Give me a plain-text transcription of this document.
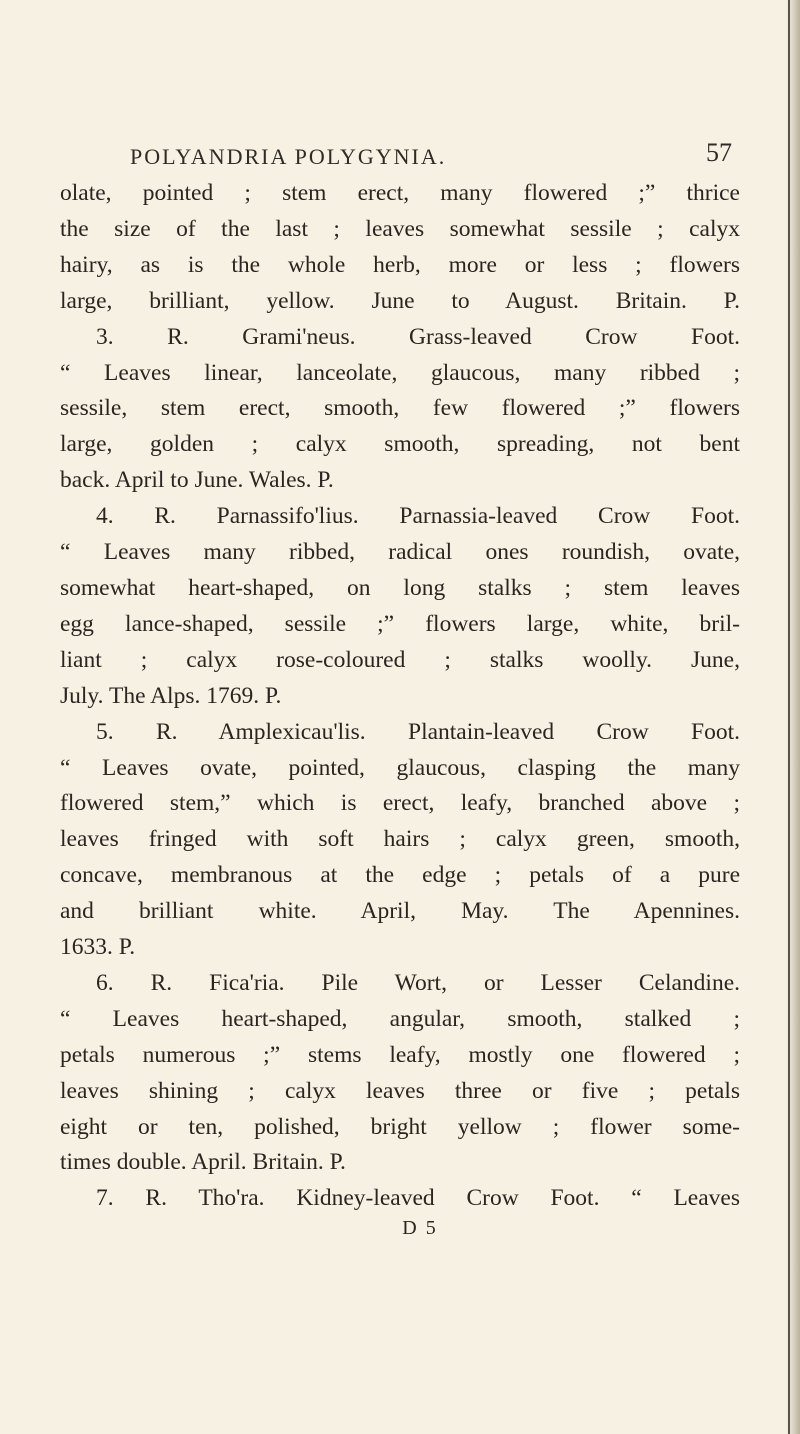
POLYANDRIA POLYGYNIA.	57
olate, pointed ; stem erect, many flowered ;” thrice
the size of the last ; leaves somewhat sessile ; calyx
hairy, as is the whole herb, more or less ; flowers
large, brilliant, yellow. June to August. Britain. P.
3. R. Grami'neus. Grass-leaved Crow Foot.
“ Leaves linear, lanceolate, glaucous, many ribbed ;
sessile, stem erect, smooth, few flowered ;” flowers
large, golden ; calyx smooth, spreading, not bent
back. April to June. Wales. P.
4. R. Parnassifo'lius. Parnassia-leaved Crow Foot.
“ Leaves many ribbed, radical ones roundish, ovate,
somewhat heart-shaped, on long stalks ; stem leaves
egg lance-shaped, sessile ;” flowers large, white, bril-
liant ; calyx rose-coloured ; stalks woolly. June,
July. The Alps. 1769. P.
5. R. Amplexicau'lis. Plantain-leaved Crow Foot.
“ Leaves ovate, pointed, glaucous, clasping the many
flowered stem,” which is erect, leafy, branched above ;
leaves fringed with soft hairs ; calyx green, smooth,
concave, membranous at the edge ; petals of a pure
and brilliant white. April, May. The Apennines.
1633. P.
6. R. Fica'ria. Pile Wort, or Lesser Celandine.
“ Leaves heart-shaped, angular, smooth, stalked ;
petals numerous ;” stems leafy, mostly one flowered ;
leaves shining ; calyx leaves three or five ; petals
eight or ten, polished, bright yellow ; flower some-
times double. April. Britain. P.
7. R. Tho'ra. Kidney-leaved Crow Foot. “ Leaves
D 5
